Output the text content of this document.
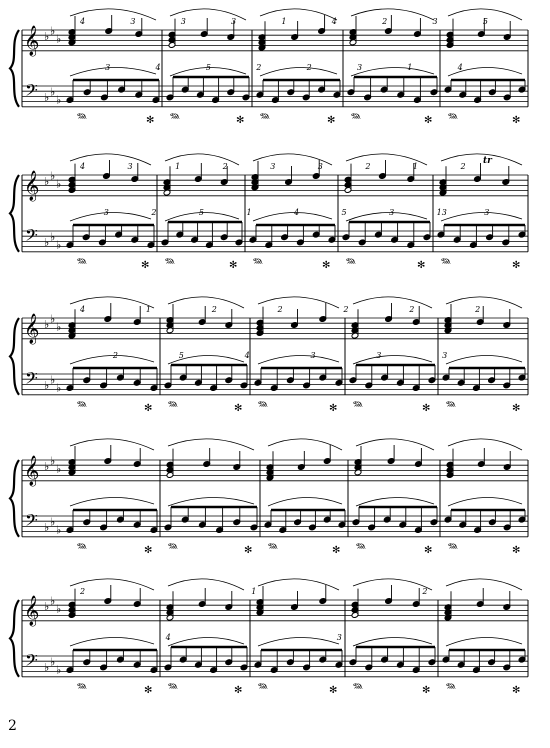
𝄞
𝄢
♭ ♭
♭
♭ ♭
♭
𝆮	✻ 𝆮	✻ 𝆮	✻ 𝆮	✻ 𝆮	✻
4
3
3
4
3
5
3
2
1
2
4
3
2
1
3
4
5
𝄞
𝄢
♭ ♭
♭
♭ ♭
♭
𝆮	✻ 𝆮	✻ 𝆮	✻ 𝆮	✻ 𝆮	✻
4
3
3
2
1
5
2
1
3
4
3
5
2
3
1
13
2
3
tr
𝄞
𝄢
♭ ♭
♭
♭ ♭
♭
𝆮	✻ 𝆮	✻ 𝆮	✻ 𝆮	✻ 𝆮	✻
4
2
1
5
2
4
2
3
2
3
2
3
2
𝄞
𝄢
♭ ♭
♭
♭ ♭
♭
𝆮	✻ 𝆮	✻ 𝆮	✻ 𝆮	✻ 𝆮	✻
𝄞
𝄢
♭ ♭
♭
♭ ♭
♭
𝆮	✻ 𝆮	✻ 𝆮	✻ 𝆮	✻ 𝆮	✻
2
4
1
3
2
2
